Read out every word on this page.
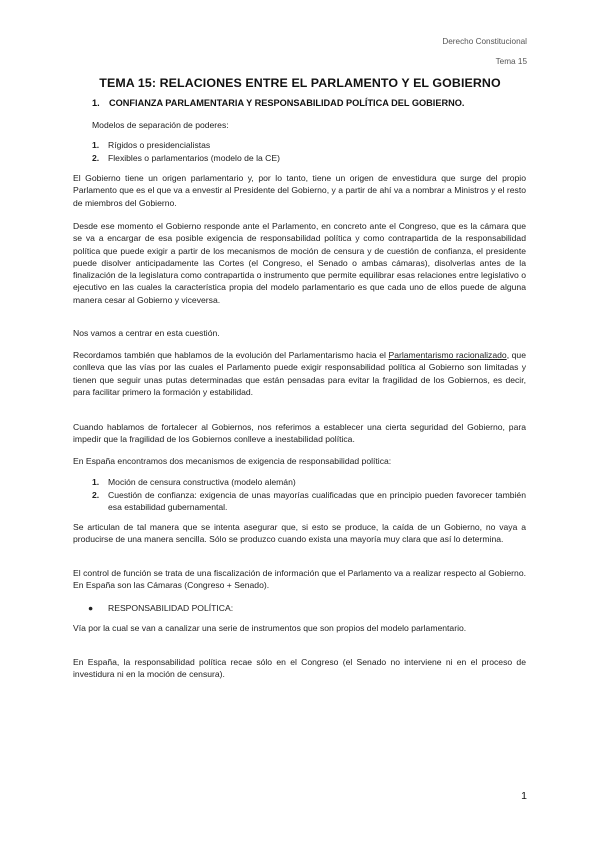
Derecho Constitucional
Tema 15
TEMA 15: RELACIONES ENTRE EL PARLAMENTO Y EL GOBIERNO
1. CONFIANZA PARLAMENTARIA Y RESPONSABILIDAD POLÍTICA DEL GOBIERNO.

Modelos de separación de poderes:

1. Rígidos o presidencialistas
2. Flexibles o parlamentarios (modelo de la CE)

El Gobierno tiene un origen parlamentario y, por lo tanto, tiene un origen de envestidura que surge del propio Parlamento que es el que va a envestir al Presidente del Gobierno, y a partir de ahí va a nombrar a Ministros y el resto de miembros del Gobierno.

Desde ese momento el Gobierno responde ante el Parlamento, en concreto ante el Congreso, que es la cámara que se va a encargar de esa posible exigencia de responsabilidad política y como contrapartida de la responsabilidad política que puede exigir a partir de los mecanismos de moción de censura y de cuestión de confianza, el presidente puede disolver anticipadamente las Cortes (el Congreso, el Senado o ambas cámaras), disolverlas antes de la finalización de la legislatura como contrapartida o instrumento que permite equilibrar esas relaciones entre legislativo o ejecutivo en las cuales la característica propia del modelo parlamentario es que cada uno de ellos puede de alguna manera cesar al Gobierno y viceversa.

Nos vamos a centrar en esta cuestión.

Recordamos también que hablamos de la evolución del Parlamentarismo hacia el Parlamentarismo racionalizado, que conlleva que las vías por las cuales el Parlamento puede exigir responsabilidad política al Gobierno son limitadas y tienen que seguir unas putas determinadas que están pensadas para evitar la fragilidad de los Gobiernos, es decir, para facilitar primero la formación y estabilidad.

Cuando hablamos de fortalecer al Gobiernos, nos referimos a establecer una cierta seguridad del Gobierno, para impedir que la fragilidad de los Gobiernos conlleve a inestabilidad política.

En España encontramos dos mecanismos de exigencia de responsabilidad política:

1. Moción de censura constructiva (modelo alemán)
2. Cuestión de confianza: exigencia de unas mayorías cualificadas que en principio pueden favorecer también esa estabilidad gubernamental.

Se articulan de tal manera que se intenta asegurar que, si esto se produce, la caída de un Gobierno, no vaya a producirse de una manera sencilla. Sólo se produzco cuando exista una mayoría muy clara que así lo determina.

El control de función se trata de una fiscalización de información que el Parlamento va a realizar respecto al Gobierno. En España son las Cámaras (Congreso + Senado).

● RESPONSABILIDAD POLÍTICA:

Vía por la cual se van a canalizar una serie de instrumentos que son propios del modelo parlamentario.

En España, la responsabilidad política recae sólo en el Congreso (el Senado no interviene ni en el proceso de investidura ni en la moción de censura).

1
